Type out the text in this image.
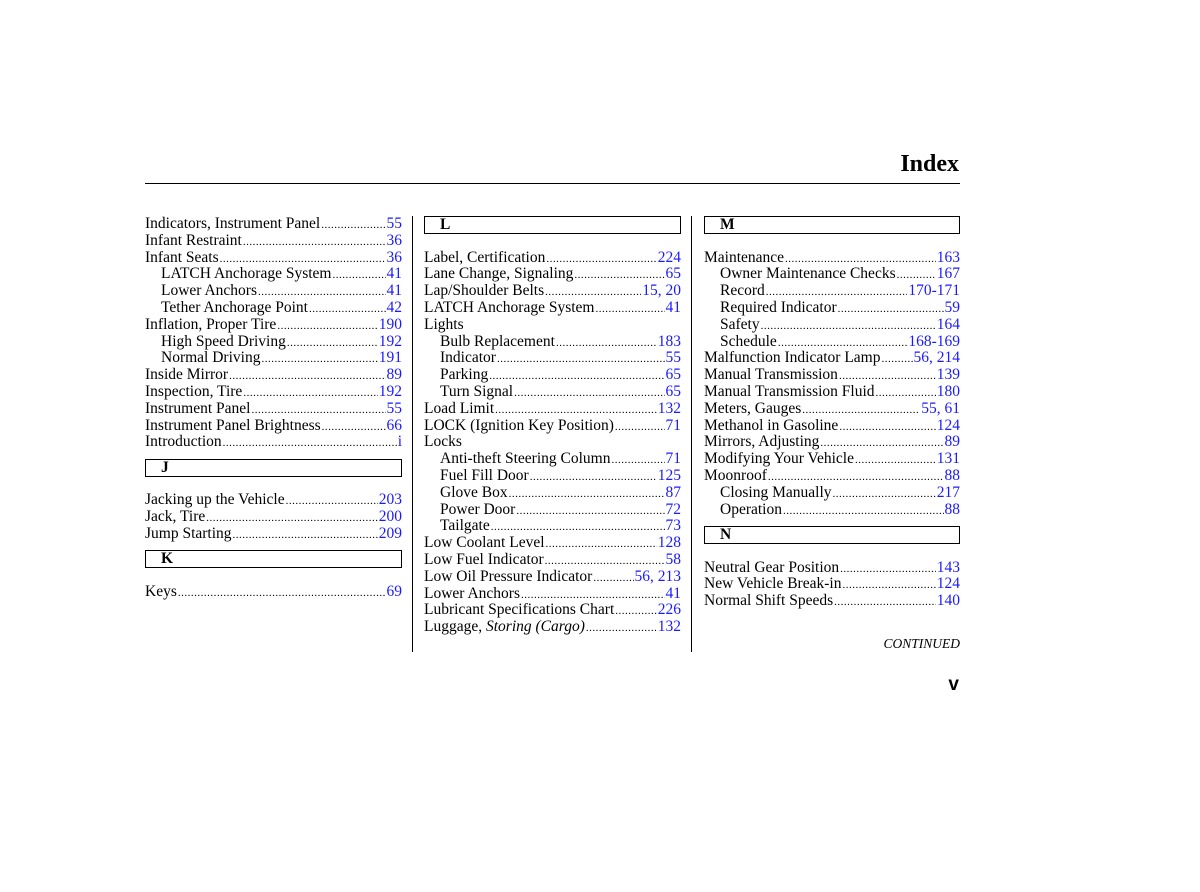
Index
Indicators, Instrument Panel .....	55
Infant Restraint .....	36
Infant Seats .....	36
LATCH Anchorage System .....	41
Lower Anchors .....	41
Tether Anchorage Point .....	42
Inflation, Proper Tire .....	190
High Speed Driving .....	192
Normal Driving .....	191
Inside Mirror .....	89
Inspection, Tire .....	192
Instrument Panel .....	55
Instrument Panel Brightness .....	66
Introduction .....	i
J
Jacking up the Vehicle .....	203
Jack, Tire .....	200
Jump Starting .....	209
K
Keys .....	69
L
Label, Certification .....	224
Lane Change, Signaling .....	65
Lap/Shoulder Belts .....	15, 20
LATCH Anchorage System .....	41
Lights
Bulb Replacement .....	183
Indicator .....	55
Parking .....	65
Turn Signal .....	65
Load Limit .....	132
LOCK (Ignition Key Position) .....	71
Locks
Anti-theft Steering Column .....	71
Fuel Fill Door .....	125
Glove Box .....	87
Power Door .....	72
Tailgate .....	73
Low Coolant Level .....	128
Low Fuel Indicator .....	58
Low Oil Pressure Indicator .....	56, 213
Lower Anchors .....	41
Lubricant Specifications Chart .....	226
Luggage, Storing (Cargo) .....	132
M
Maintenance .....	163
Owner Maintenance Checks .....	167
Record .....	170-171
Required Indicator .....	59
Safety .....	164
Schedule .....	168-169
Malfunction Indicator Lamp ..... 56, 214
Manual Transmission .....	139
Manual Transmission Fluid .....	180
Meters, Gauges .....	55, 61
Methanol in Gasoline .....	124
Mirrors, Adjusting .....	89
Modifying Your Vehicle .....	131
Moonroof .....	88
Closing Manually .....	217
Operation .....	88
N
Neutral Gear Position .....	143
New Vehicle Break-in .....	124
Normal Shift Speeds .....	140
CONTINUED
v
